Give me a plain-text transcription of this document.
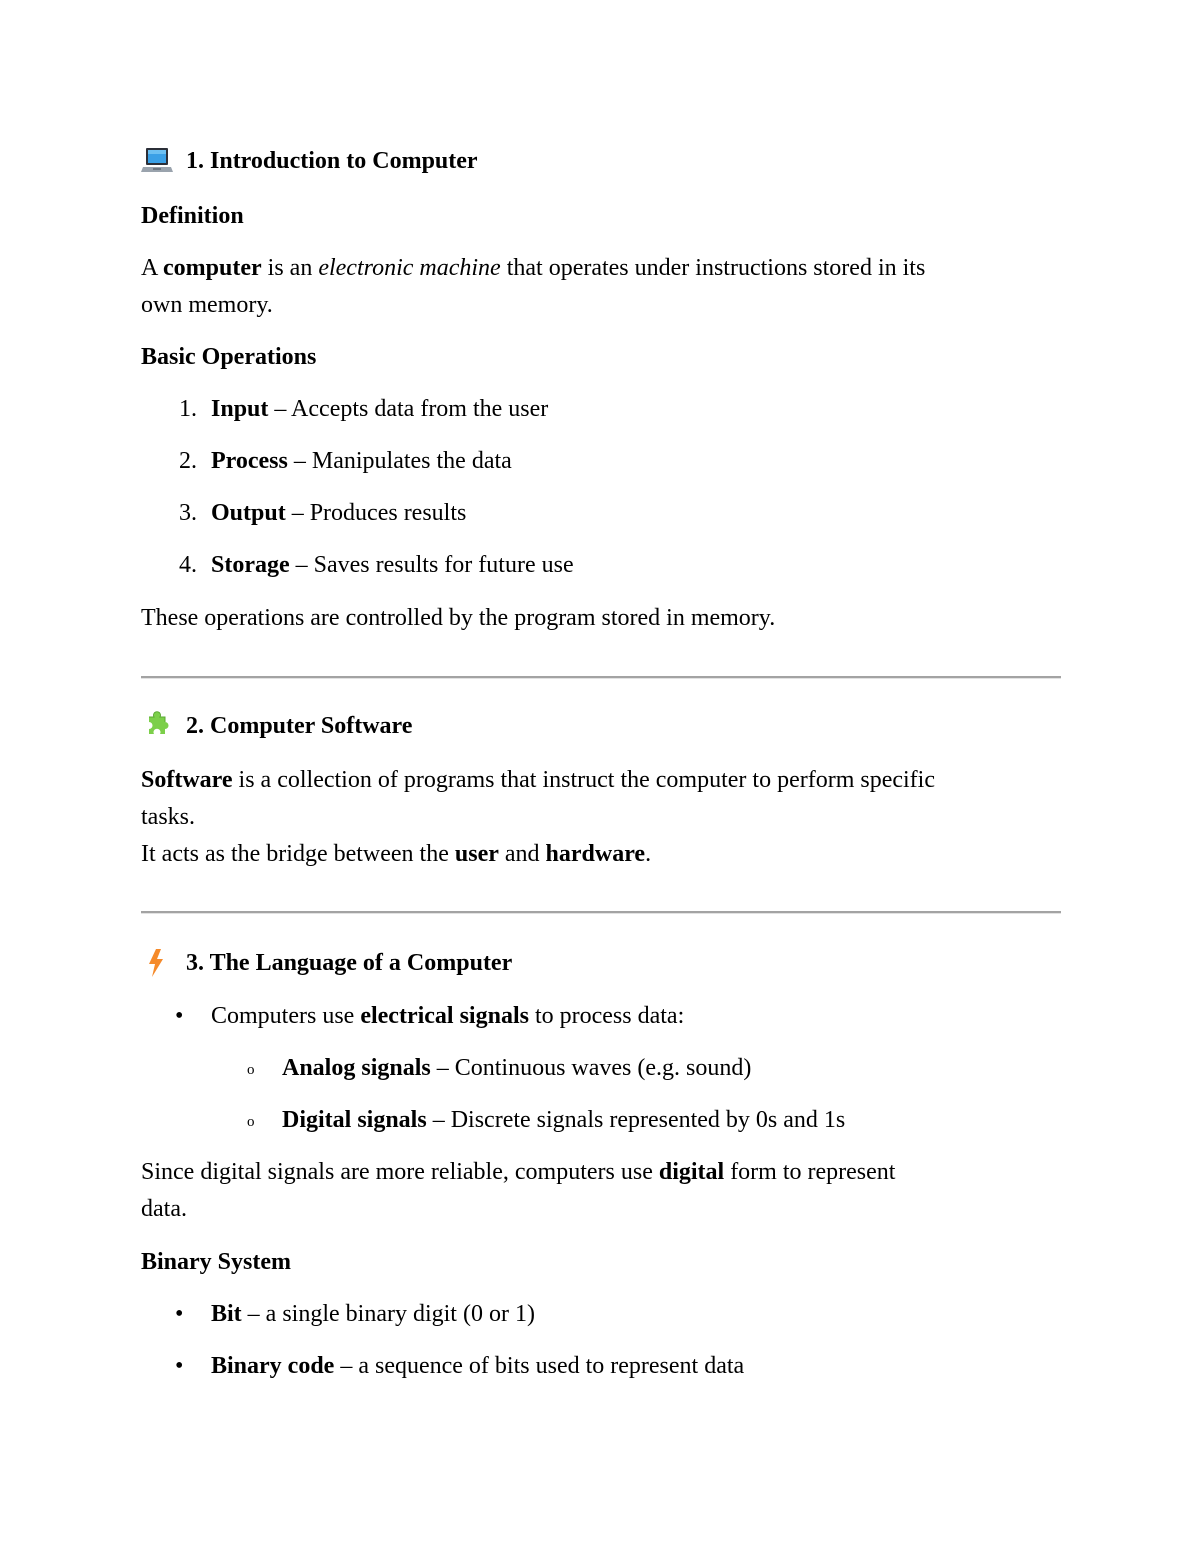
1. Introduction to Computer
Definition
A computer is an electronic machine that operates under instructions stored in its
own memory.
Basic Operations
1. Input – Accepts data from the user
2. Process – Manipulates the data
3. Output – Produces results
4. Storage – Saves results for future use
These operations are controlled by the program stored in memory.
2. Computer Software
Software is a collection of programs that instruct the computer to perform specific
tasks.
It acts as the bridge between the user and hardware.
3. The Language of a Computer
• Computers use electrical signals to process data:
o Analog signals – Continuous waves (e.g. sound)
o Digital signals – Discrete signals represented by 0s and 1s
Since digital signals are more reliable, computers use digital form to represent
data.
Binary System
• Bit – a single binary digit (0 or 1)
• Binary code – a sequence of bits used to represent data
